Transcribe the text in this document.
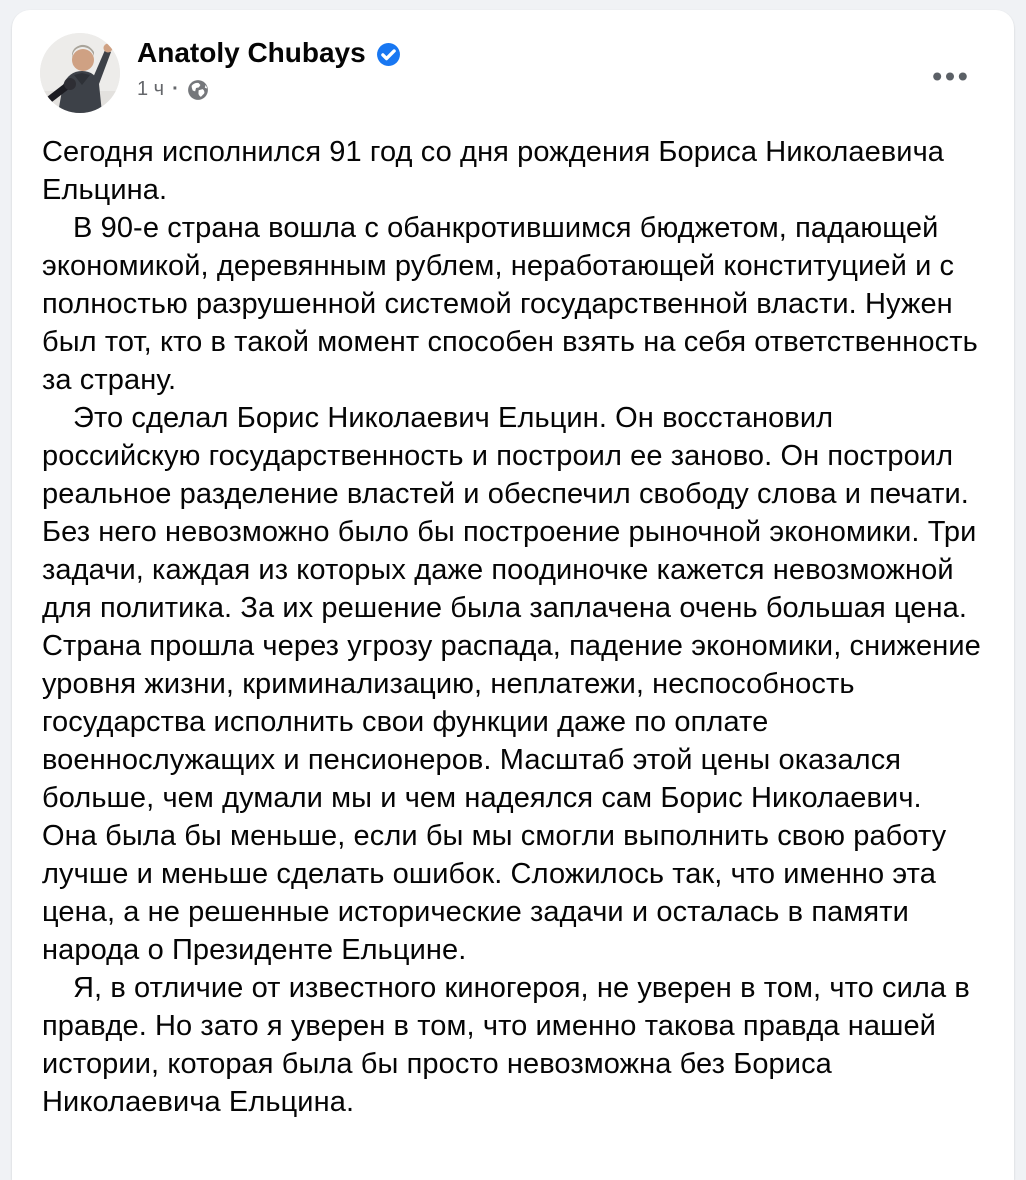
Anatoly Chubays
1 ч ·

Сегодня исполнился 91 год со дня рождения Бориса Николаевича Ельцина.

В 90-е страна вошла с обанкротившимся бюджетом, падающей экономикой, деревянным рублем, неработающей конституцией и с полностью разрушенной системой государственной власти. Нужен был тот, кто в такой момент способен взять на себя ответственность за страну.

Это сделал Борис Николаевич Ельцин. Он восстановил российскую государственность и построил ее заново. Он построил реальное разделение властей и обеспечил свободу слова и печати. Без него невозможно было бы построение рыночной экономики. Три задачи, каждая из которых даже поодиночке кажется невозможной для политика. За их решение была заплачена очень большая цена. Страна прошла через угрозу распада, падение экономики, снижение уровня жизни, криминализацию, неплатежи, неспособность государства исполнить свои функции даже по оплате военнослужащих и пенсионеров. Масштаб этой цены оказался больше, чем думали мы и чем надеялся сам Борис Николаевич. Она была бы меньше, если бы мы смогли выполнить свою работу лучше и меньше сделать ошибок. Сложилось так, что именно эта цена, а не решенные исторические задачи и осталась в памяти народа о Президенте Ельцине.

Я, в отличие от известного киногероя, не уверен в том, что сила в правде. Но зато я уверен в том, что именно такова правда нашей истории, которая была бы просто невозможна без Бориса Николаевича Ельцина.
